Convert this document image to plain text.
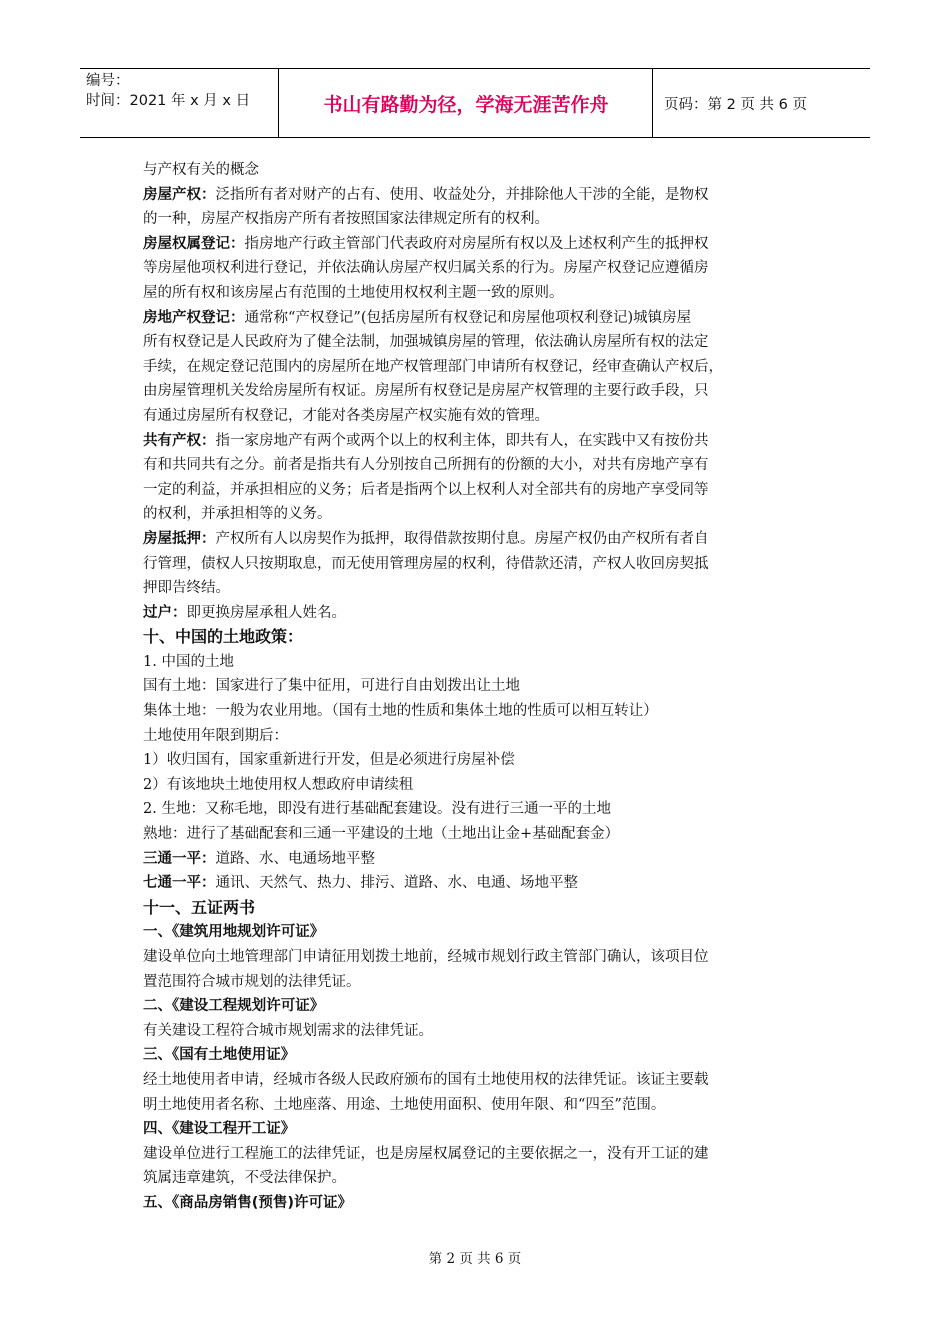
编号：
时间：2021 年 x 月 x 日	书山有路勤为径，学海无涯苦作舟	页码：第 2 页 共 6 页

与产权有关的概念

房屋产权：泛指所有者对财产的占有、使用、收益处分，并排除他人干涉的全能，是物权

的一种，房屋产权指房产所有者按照国家法律规定所有的权利。

房屋权属登记：指房地产行政主管部门代表政府对房屋所有权以及上述权利产生的抵押权

等房屋他项权利进行登记，并依法确认房屋产权归属关系的行为。房屋产权登记应遵循房

屋的所有权和该房屋占有范围的土地使用权权利主题一致的原则。

房地产权登记：通常称“产权登记”(包括房屋所有权登记和房屋他项权利登记)城镇房屋

所有权登记是人民政府为了健全法制，加强城镇房屋的管理，依法确认房屋所有权的法定

手续，在规定登记范围内的房屋所在地产权管理部门申请所有权登记，经审查确认产权后，

由房屋管理机关发给房屋所有权证。房屋所有权登记是房屋产权管理的主要行政手段，只

有通过房屋所有权登记，才能对各类房屋产权实施有效的管理。

共有产权：指一家房地产有两个或两个以上的权利主体，即共有人，在实践中又有按份共

有和共同共有之分。前者是指共有人分别按自己所拥有的份额的大小，对共有房地产享有

一定的利益，并承担相应的义务；后者是指两个以上权利人对全部共有的房地产享受同等

的权利，并承担相等的义务。

房屋抵押：产权所有人以房契作为抵押，取得借款按期付息。房屋产权仍由产权所有者自

行管理，债权人只按期取息，而无使用管理房屋的权利，待借款还清，产权人收回房契抵

押即告终结。

过户：即更换房屋承租人姓名。

十、中国的土地政策：

1. 中国的土地

国有土地：国家进行了集中征用，可进行自由划拨出让土地

集体土地：一般为农业用地。（国有土地的性质和集体土地的性质可以相互转让）

土地使用年限到期后：

1）收归国有，国家重新进行开发，但是必须进行房屋补偿

2）有该地块土地使用权人想政府申请续租

2. 生地：又称毛地，即没有进行基础配套建设。没有进行三通一平的土地

熟地：进行了基础配套和三通一平建设的土地（土地出让金+基础配套金）

三通一平：道路、水、电通场地平整

七通一平：通讯、天然气、热力、排污、道路、水、电通、场地平整

十一、五证两书

一、《建筑用地规划许可证》

建设单位向土地管理部门申请征用划拨土地前，经城市规划行政主管部门确认，该项目位

置范围符合城市规划的法律凭证。

二、《建设工程规划许可证》

有关建设工程符合城市规划需求的法律凭证。

三、《国有土地使用证》

经土地使用者申请，经城市各级人民政府颁布的国有土地使用权的法律凭证。该证主要载

明土地使用者名称、土地座落、用途、土地使用面积、使用年限、和“四至”范围。

四、《建设工程开工证》

建设单位进行工程施工的法律凭证，也是房屋权属登记的主要依据之一，没有开工证的建

筑属违章建筑，不受法律保护。

五、《商品房销售(预售)许可证》

第 2 页 共 6 页
